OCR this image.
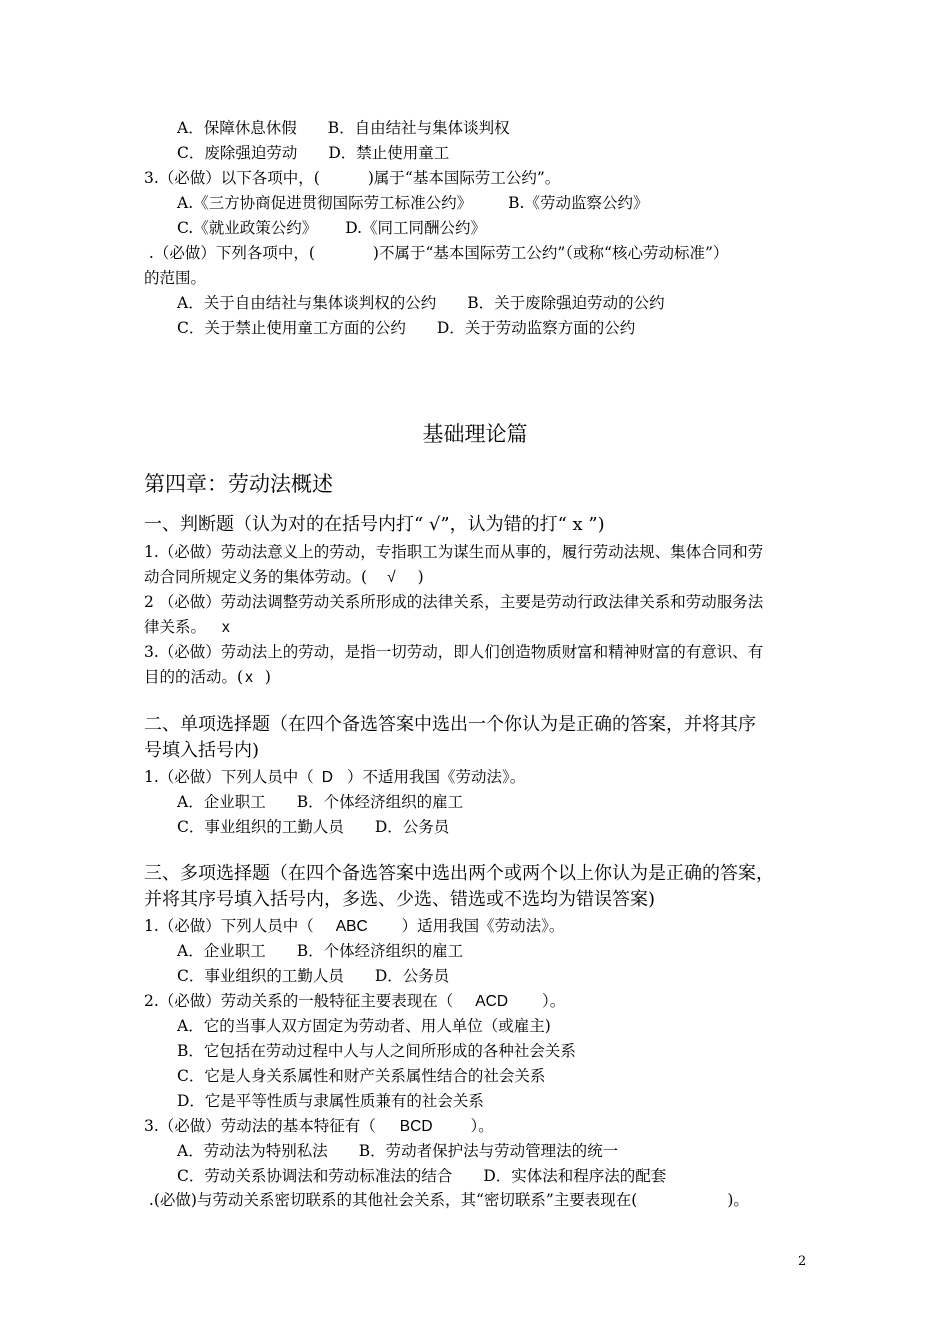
A．保障休息休假　　B．自由结社与集体谈判权
C．废除强迫劳动　　D．禁止使用童工
3.（必做）以下各项中，(	)属于“基本国际劳工公约”。
A.《三方协商促进贯彻国际劳工标准公约》 B.《劳动监察公约》
C.《就业政策公约》 D.《同工同酬公约》
.（必做）下列各项中，(	)不属于“基本国际劳工公约”（或称“核心劳动标准”）
的范围。
A．关于自由结社与集体谈判权的公约　　B．关于废除强迫劳动的公约
C．关于禁止使用童工方面的公约　　D．关于劳动监察方面的公约
基础理论篇
第四章：劳动法概述
一、判断题（认为对的在括号内打“ √”，认为错的打“ x ”)
1.（必做）劳动法意义上的劳动，专指职工为谋生而从事的，履行劳动法规、集体合同和劳
动合同所规定义务的集体劳动。( √ )
2 （必做）劳动法调整劳动关系所形成的法律关系，主要是劳动行政法律关系和劳动服务法
律关系。 x
3.（必做）劳动法上的劳动，是指一切劳动，即人们创造物质财富和精神财富的有意识、有
目的的活动。( x )
二、单项选择题（在四个备选答案中选出一个你认为是正确的答案，并将其序
号填入括号内)
1.（必做）下列人员中（ D ）不适用我国《劳动法》。
A．企业职工　　B．个体经济组织的雇工
C．事业组织的工勤人员　　D．公务员
三、多项选择题（在四个备选答案中选出两个或两个以上你认为是正确的答案，
并将其序号填入括号内，多选、少选、错选或不选均为错误答案)
1.（必做）下列人员中（ ABC ）适用我国《劳动法》。
A．企业职工　　B．个体经济组织的雇工
C．事业组织的工勤人员　　D．公务员
2.（必做）劳动关系的一般特征主要表现在（ ACD ）。
A．它的当事人双方固定为劳动者、用人单位（或雇主)
B．它包括在劳动过程中人与人之间所形成的各种社会关系
C．它是人身关系属性和财产关系属性结合的社会关系
D．它是平等性质与隶属性质兼有的社会关系
3.（必做）劳动法的基本特征有（ BCD ）。
A．劳动法为特别私法　　B．劳动者保护法与劳动管理法的统一
C．劳动关系协调法和劳动标准法的结合　　D．实体法和程序法的配套
.(必做)与劳动关系密切联系的其他社会关系，其“密切联系”主要表现在(	)。
2
